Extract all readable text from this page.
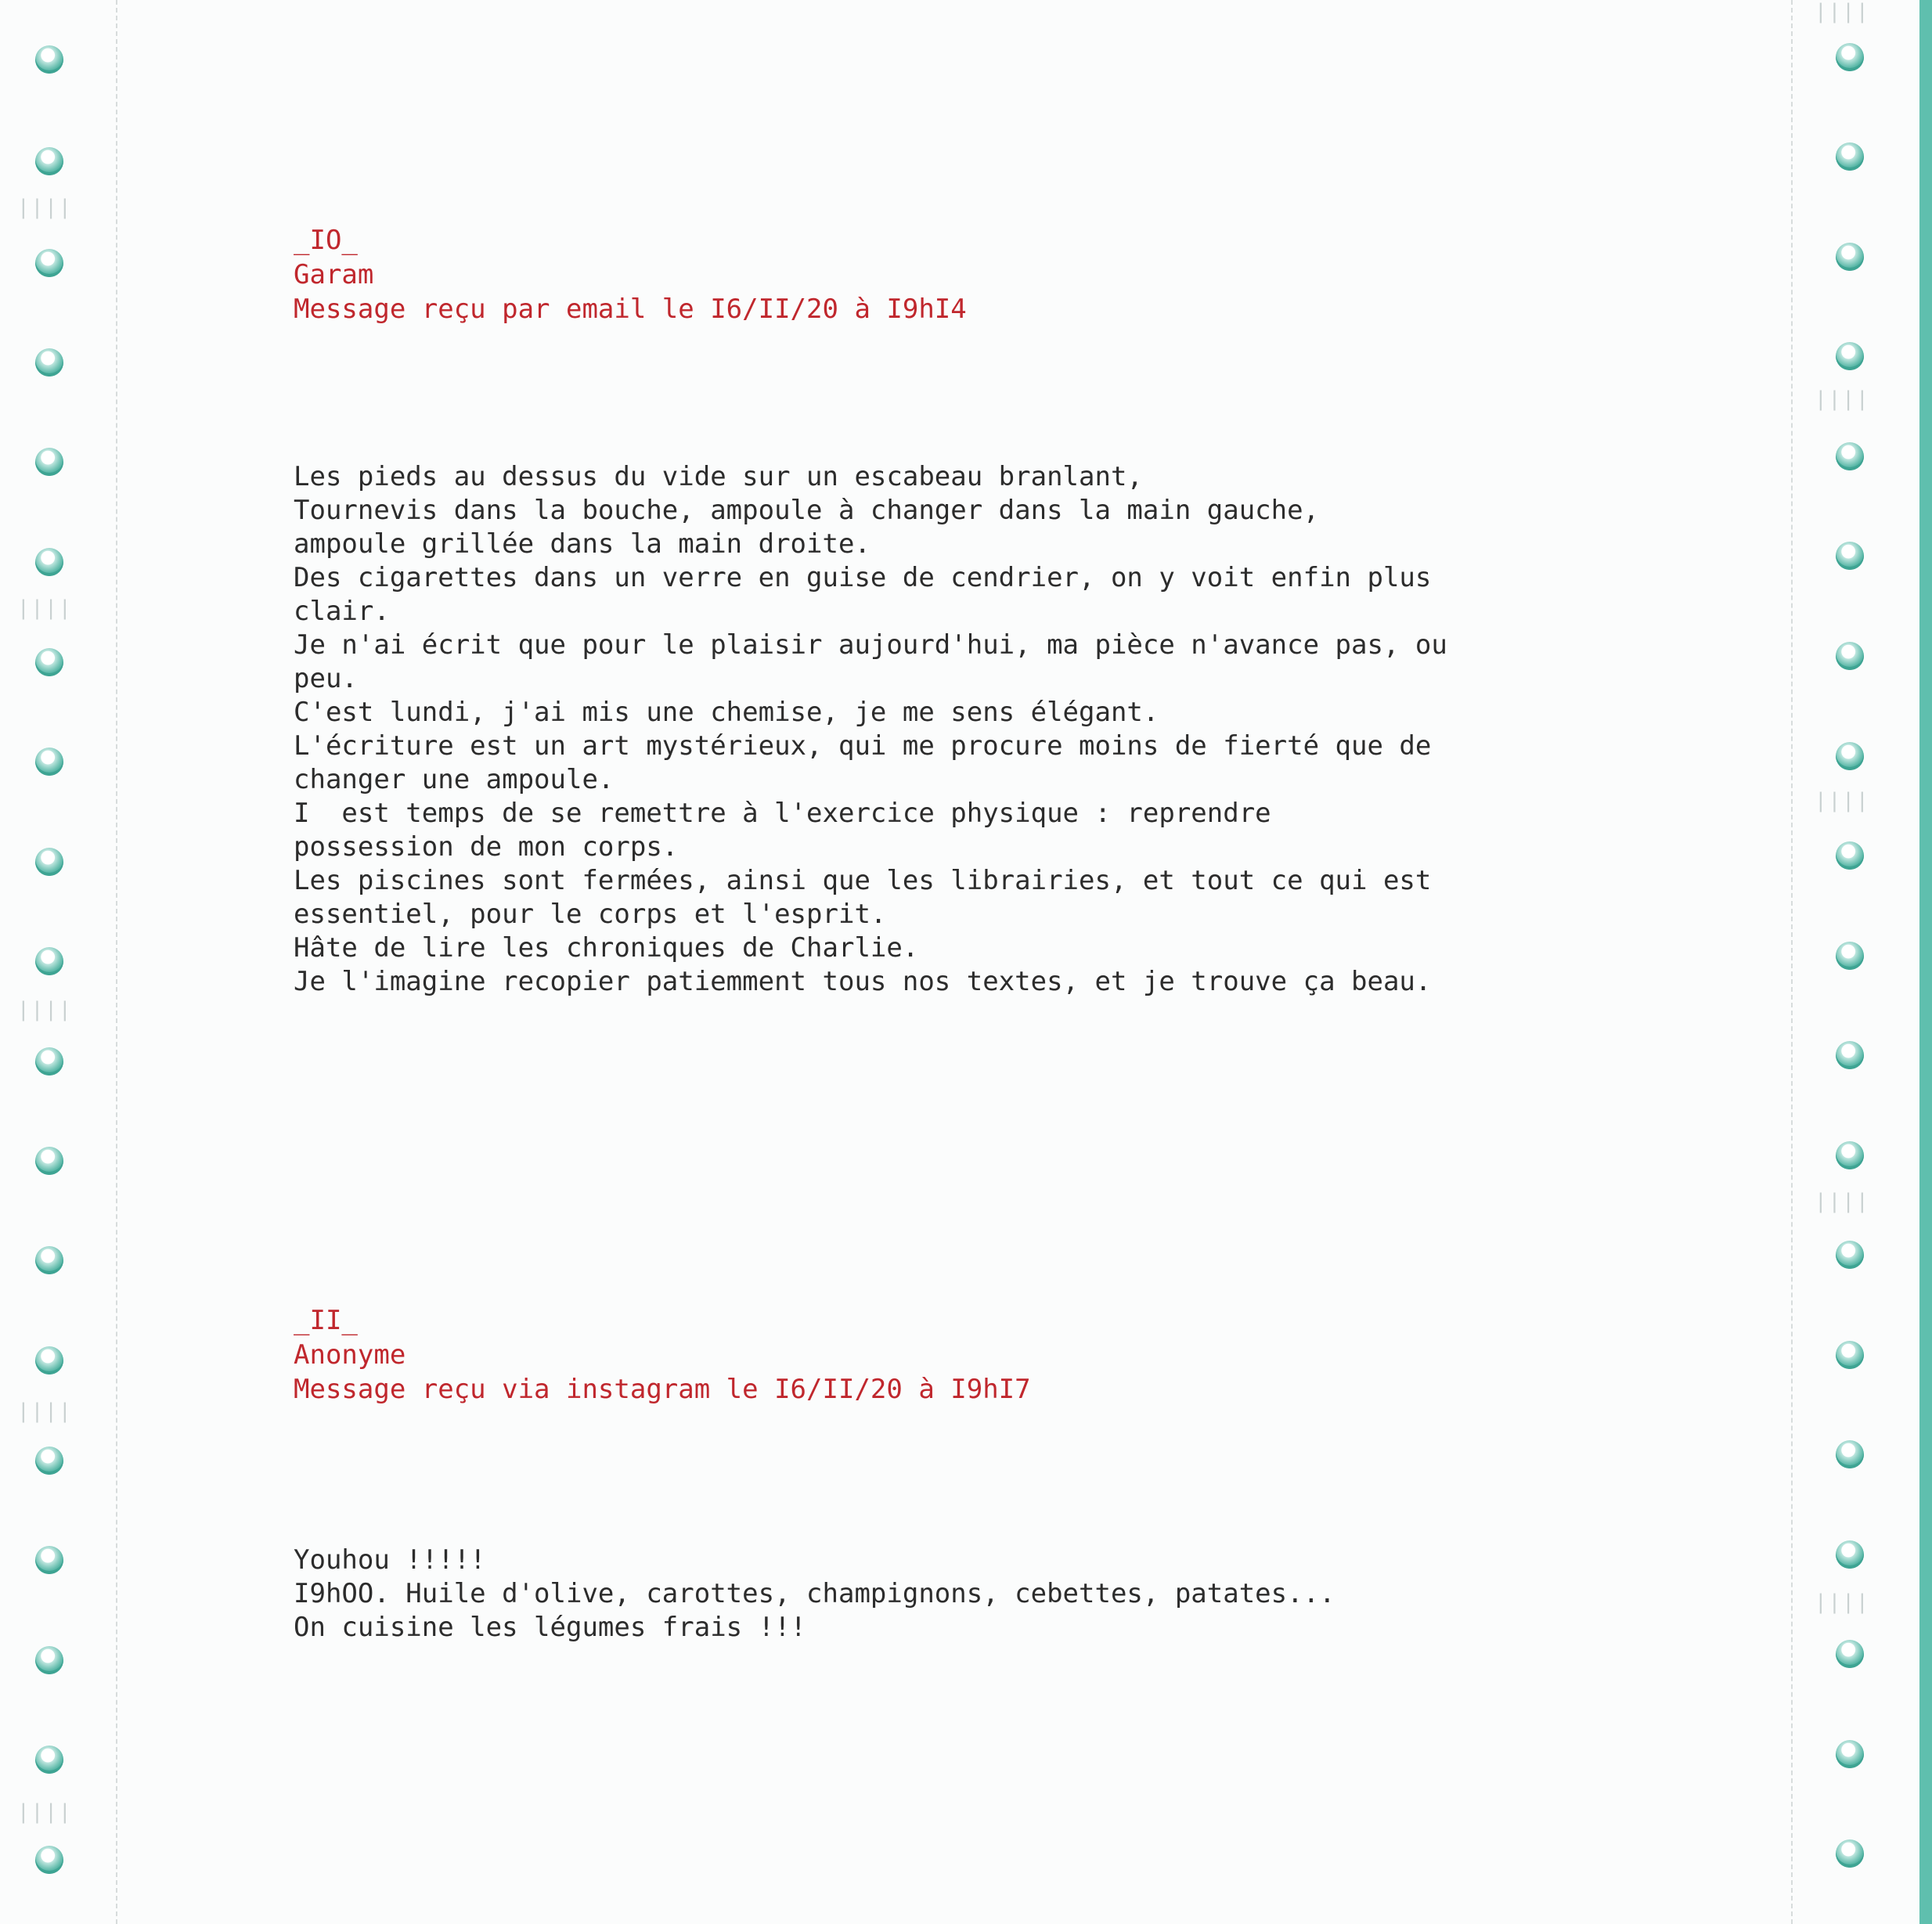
||||
||||
||||
||||
||||
||||
||||
||||
||||
||||
_IO_
Garam
Message reçu par email le I6/II/20 à I9hI4
Les pieds au dessus du vide sur un escabeau branlant,
Tournevis dans la bouche, ampoule à changer dans la main gauche,
ampoule grillée dans la main droite.
Des cigarettes dans un verre en guise de cendrier, on y voit enfin plus
clair.
Je n'ai écrit que pour le plaisir aujourd'hui, ma pièce n'avance pas, ou
peu.
C'est lundi, j'ai mis une chemise, je me sens élégant.
L'écriture est un art mystérieux, qui me procure moins de fierté que de
changer une ampoule.
I  est temps de se remettre à l'exercice physique : reprendre
possession de mon corps.
Les piscines sont fermées, ainsi que les librairies, et tout ce qui est
essentiel, pour le corps et l'esprit.
Hâte de lire les chroniques de Charlie.
Je l'imagine recopier patiemment tous nos textes, et je trouve ça beau.
_II_
Anonyme
Message reçu via instagram le I6/II/20 à I9hI7
Youhou !!!!!
I9hOO. Huile d'olive, carottes, champignons, cebettes, patates...
On cuisine les légumes frais !!!
